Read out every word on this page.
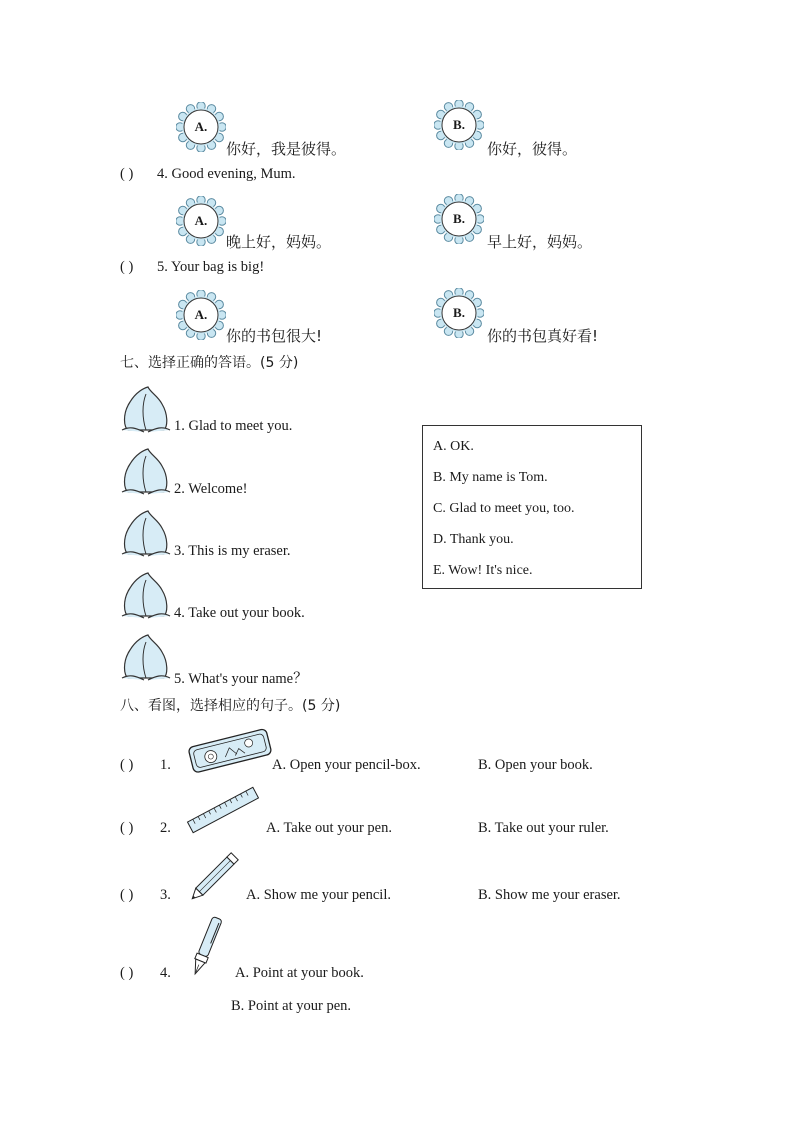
A.
你好，我是彼得。
B.
你好，彼得。
( ) 4. Good evening, Mum.
A.
晚上好，妈妈。
B.
早上好，妈妈。
( ) 5. Your bag is big!
A.
你的书包很大!
B.
你的书包真好看!
七、选择正确的答语。(5 分)
1. Glad to meet you.
2. Welcome!
3. This is my eraser.
4. Take out your book.
5. What's your name？
A. OK.
B. My name is Tom.
C. Glad to meet you, too.
D. Thank you.
E. Wow! It's nice.
八、看图，选择相应的句子。(5 分)
( ) 1.	A. Open your pencil-box.	B. Open your book.
( ) 2.	A. Take out your pen.	B. Take out your ruler.
( ) 3.	A. Show me your pencil.	B. Show me your eraser.
( ) 4.	A. Point at your book.
B. Point at your pen.
